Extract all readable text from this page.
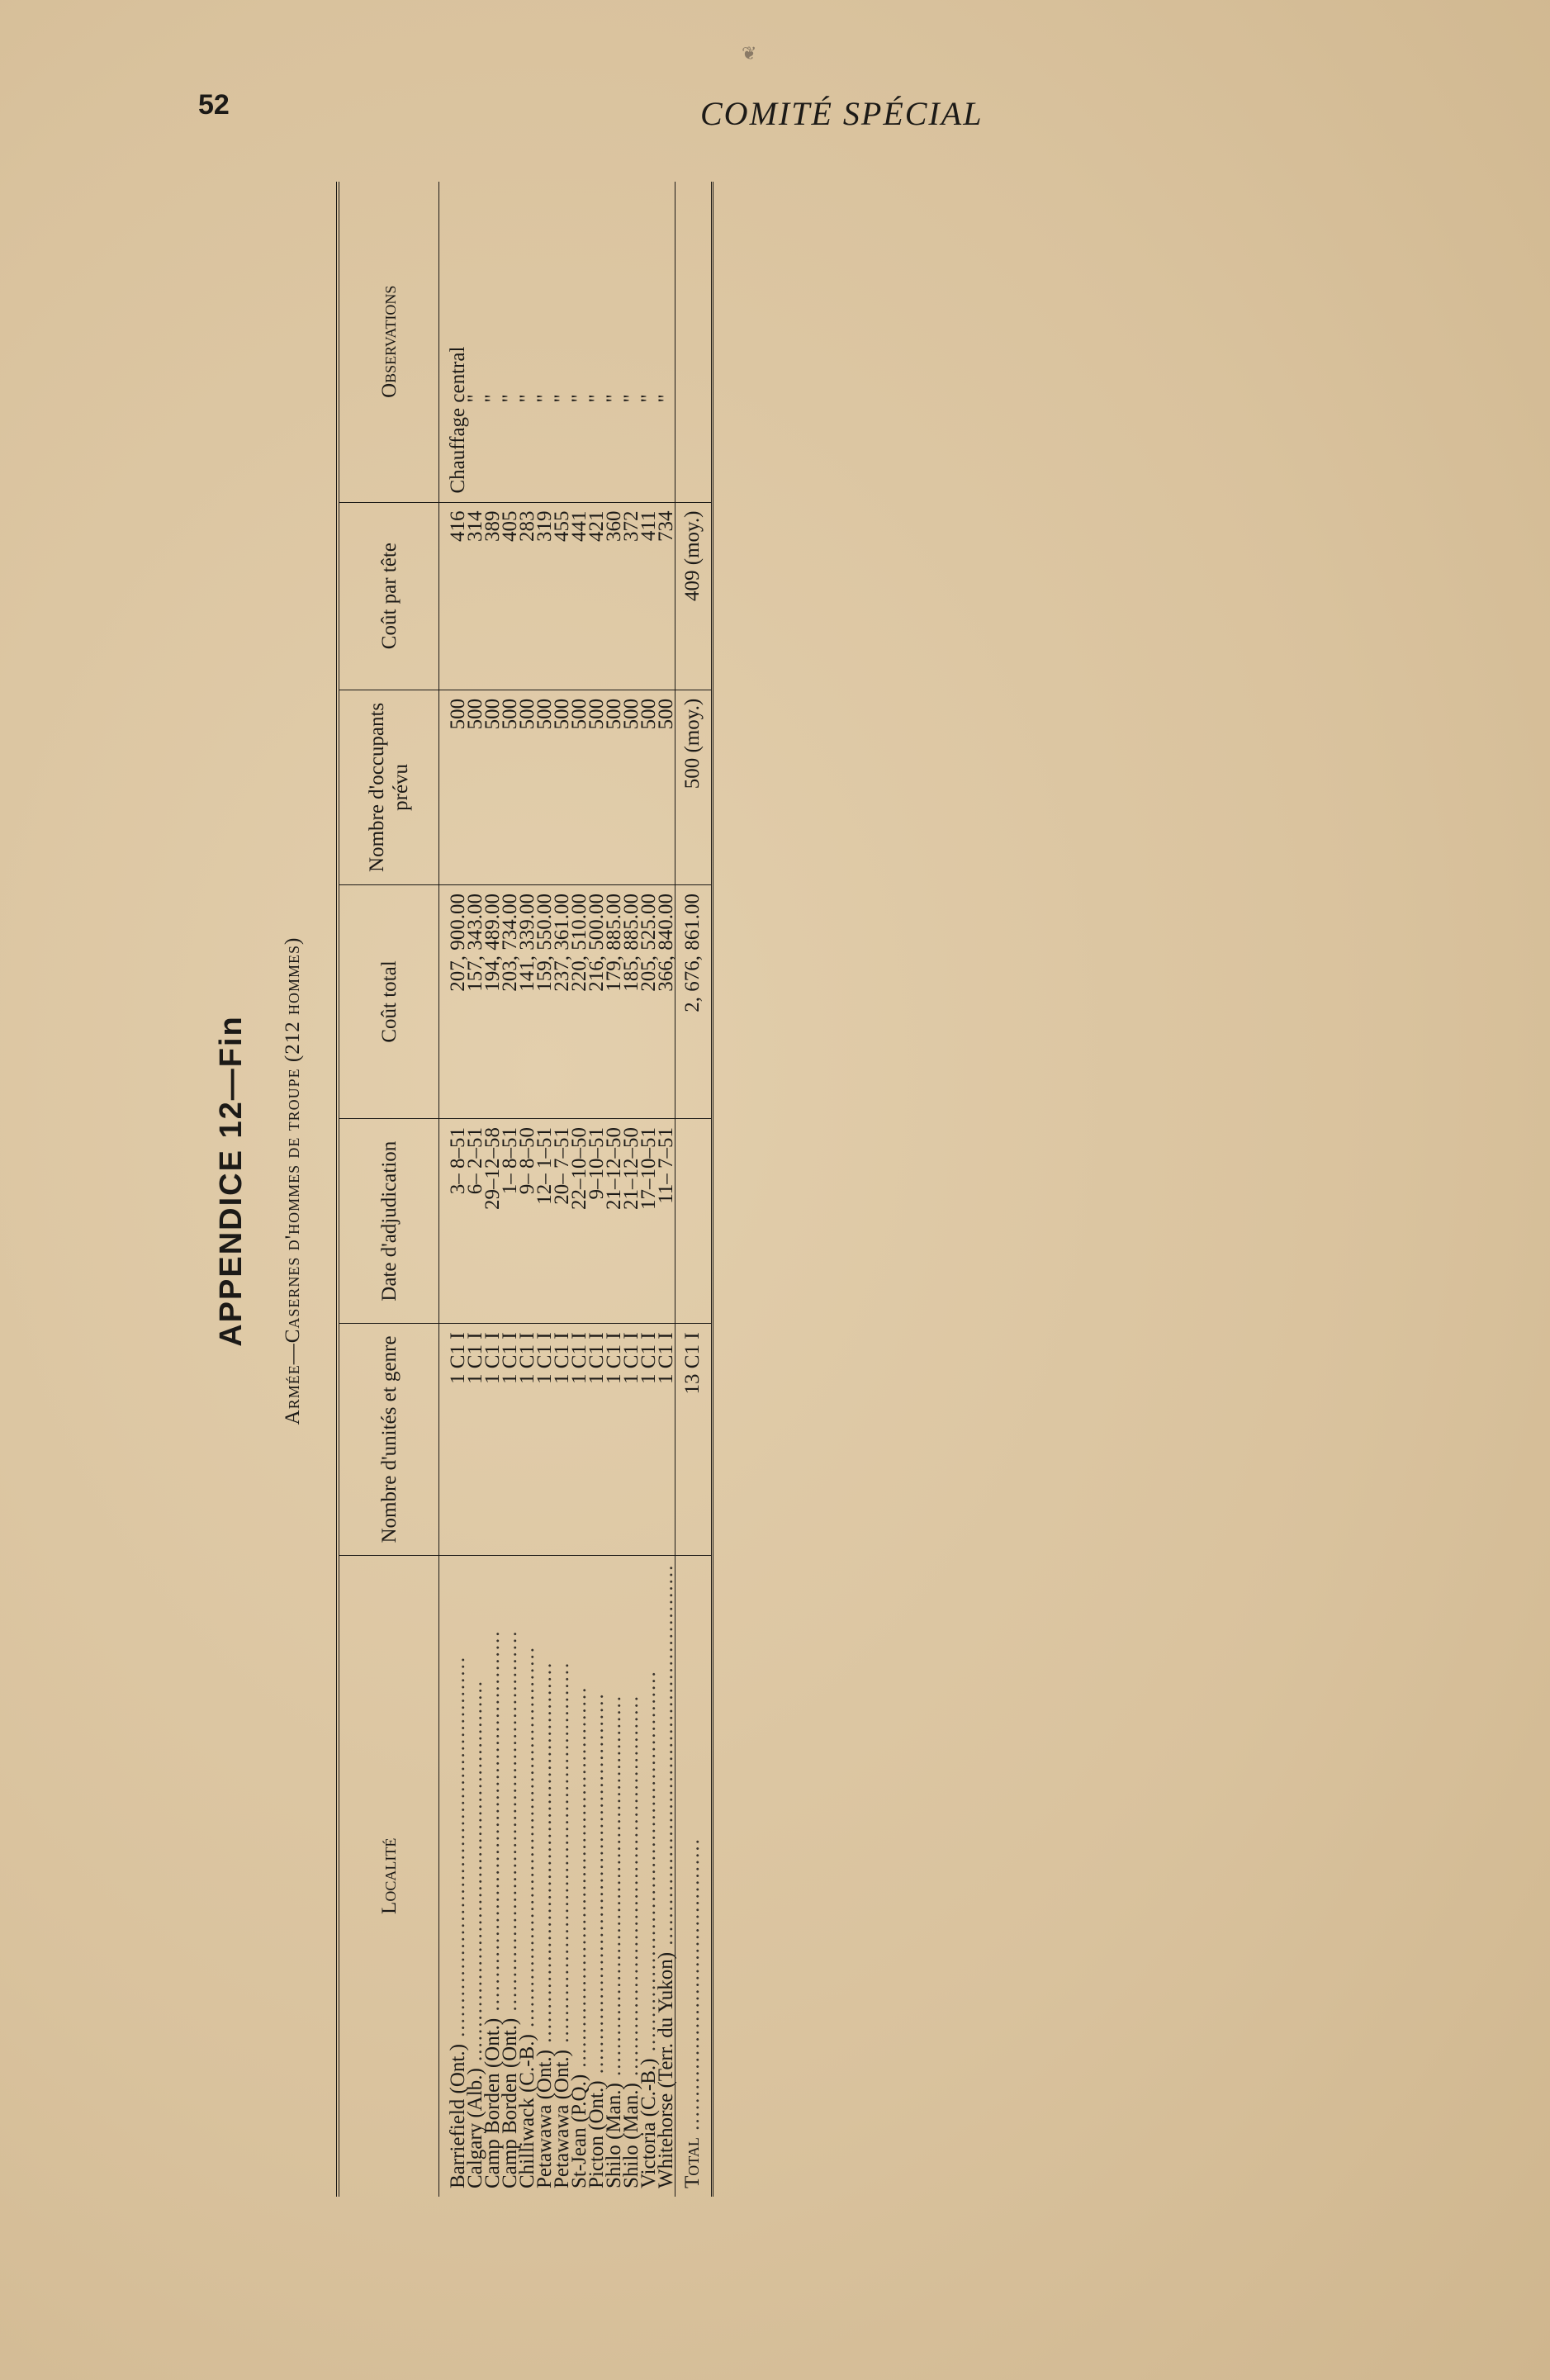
❦
52	COMITÉ SPÉCIAL
APPENDICE 12—Fin Armée—Casernes d'hommes de troupe (212 hommes)
Localité	Nombre d'unités et genre	Date d'adjudication	Coût total	Nombre d'occupants prévu	Coût par tête	Observations
Barriefield (Ont.) ........................................................	1 C1 I	3– 8–51	207, 900.00	500	416	Chauffage central
Calgary (Alb.) ........................................................	1 C1 I	6– 2–51	157, 343.00	500	314	"
Camp Borden (Ont.) ........................................................	1 C1 I	29–12–58	194, 489.00	500	389	"
Camp Borden (Ont.) ........................................................	1 C1 I	1– 8–51	203, 734.00	500	405	"
Chilliwack (C.-B.) ........................................................	1 C1 I	9– 8–50	141, 339.00	500	283	"
Petawawa (Ont.) ........................................................	1 C1 I	12– 1–51	159, 550.00	500	319	"
Petawawa (Ont.) ........................................................	1 C1 I	20– 7–51	237, 361.00	500	455	"
St-Jean (P.Q.) ........................................................	1 C1 I	22–10–50	220, 510.00	500	441	"
Picton (Ont.) ........................................................	1 C1 I	9–10–51	216, 500.00	500	421	"
Shilo (Man.) ........................................................	1 C1 I	21–12–50	179, 885.00	500	360	"
Shilo (Man.) ........................................................	1 C1 I	21–12–50	185, 885.00	500	372	"
Victoria (C.-B.) ........................................................	1 C1 I	17–10–51	205, 525.00	500	411	"
Whitehorse (Terr. du Yukon) ........................................................	1 C1 I	11– 7–51	366, 840.00	500	734	"
Total ...........................................	13 C1 I		2, 676, 861.00	500 (moy.)	409 (moy.)	
